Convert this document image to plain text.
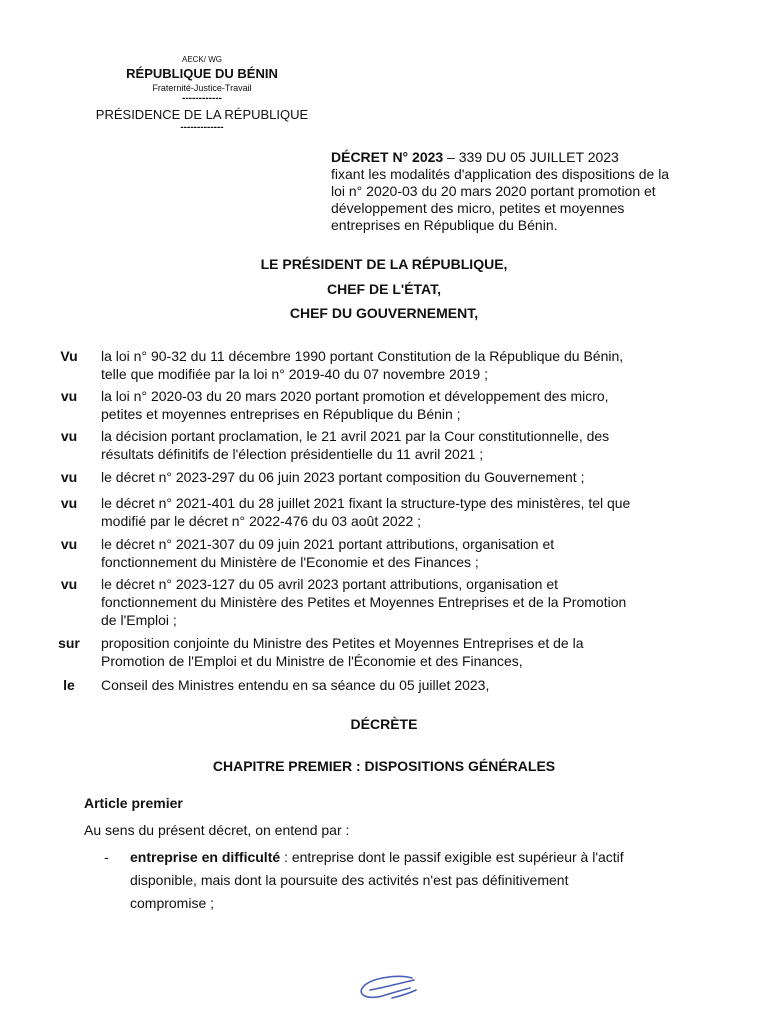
AECK/ WG
RÉPUBLIQUE DU BÉNIN
Fraternité-Justice-Travail
------------
PRÉSIDENCE DE LA RÉPUBLIQUE
-------------
DÉCRET N° 2023 – 339 DU 05 JUILLET 2023
fixant les modalités d'application des dispositions de la
loi n° 2020-03 du 20 mars 2020 portant promotion et
développement des micro, petites et moyennes
entreprises en République du Bénin.
LE PRÉSIDENT DE LA RÉPUBLIQUE,
CHEF DE L'ÉTAT,
CHEF DU GOUVERNEMENT,
Vu	la loi n° 90-32 du 11 décembre 1990 portant Constitution de la République du Bénin,
telle que modifiée par la loi n° 2019-40 du 07 novembre 2019 ;
vu	la loi n° 2020-03 du 20 mars 2020 portant promotion et développement des micro,
petites et moyennes entreprises en République du Bénin ;
vu	la décision portant proclamation, le 21 avril 2021 par la Cour constitutionnelle, des
résultats définitifs de l'élection présidentielle du 11 avril 2021 ;
vu	le décret n° 2023-297 du 06 juin 2023 portant composition du Gouvernement ;
vu	le décret n° 2021-401 du 28 juillet 2021 fixant la structure-type des ministères, tel que
modifié par le décret n° 2022-476 du 03 août 2022 ;
vu	le décret n° 2021-307 du 09 juin 2021 portant attributions, organisation et
fonctionnement du Ministère de l'Economie et des Finances ;
vu	le décret n° 2023-127 du 05 avril 2023 portant attributions, organisation et
fonctionnement du Ministère des Petites et Moyennes Entreprises et de la Promotion
de l'Emploi ;
sur	proposition conjointe du Ministre des Petites et Moyennes Entreprises et de la
Promotion de l'Emploi et du Ministre de l'Économie et des Finances,
le	Conseil des Ministres entendu en sa séance du 05 juillet 2023,
DÉCRÈTE
CHAPITRE PREMIER : DISPOSITIONS GÉNÉRALES
Article premier
Au sens du présent décret, on entend par :
- entreprise en difficulté : entreprise dont le passif exigible est supérieur à l'actif
disponible, mais dont la poursuite des activités n'est pas définitivement
compromise ;
